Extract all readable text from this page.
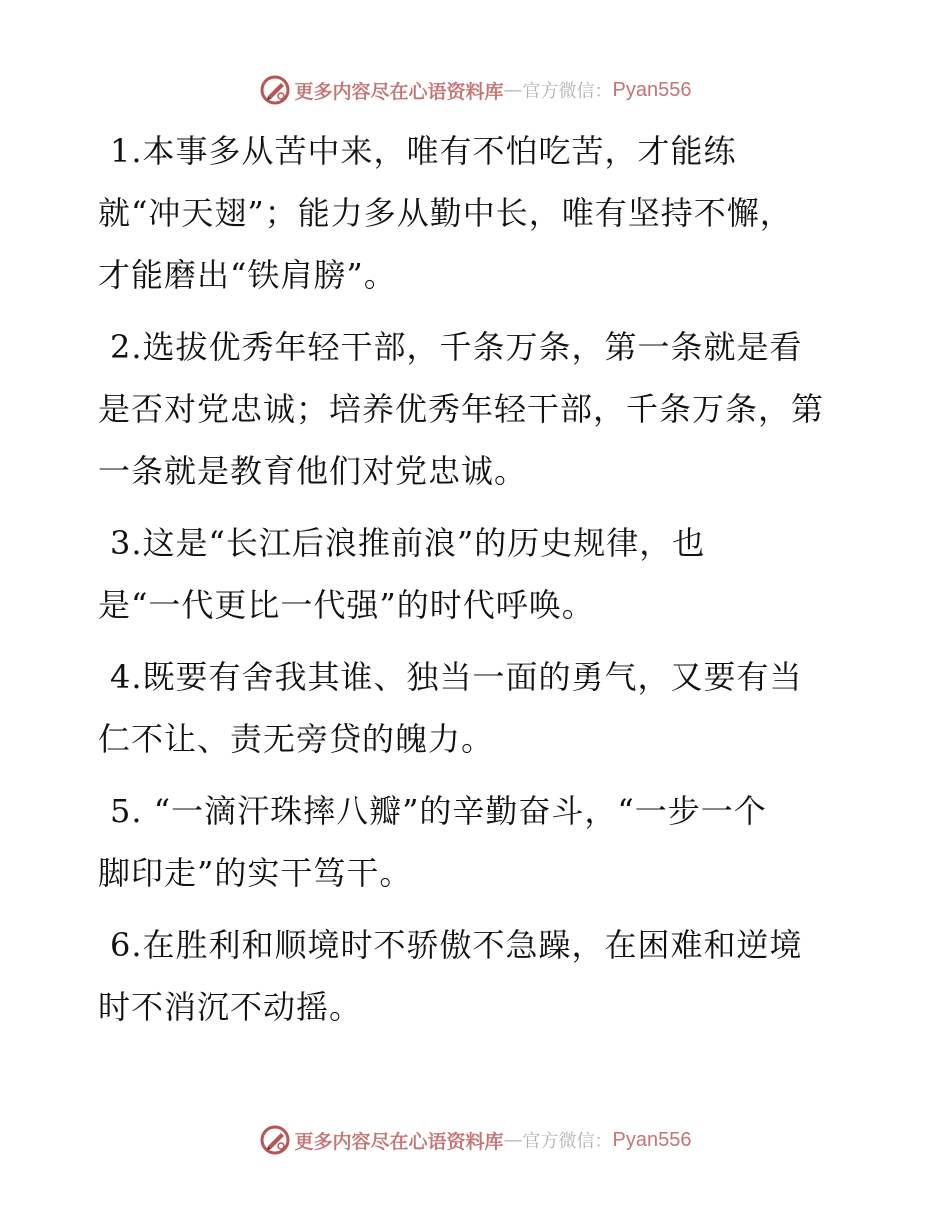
更多内容尽在心语资料库 — 官方微信： Pyan556

1.本事多从苦中来，唯有不怕吃苦，才能练
就“冲天翅”；能力多从勤中长，唯有坚持不懈，
才能磨出“铁肩膀”。

2.选拔优秀年轻干部，千条万条，第一条就是看
是否对党忠诚；培养优秀年轻干部，千条万条，第
一条就是教育他们对党忠诚。

3.这是“长江后浪推前浪”的历史规律，也
是“一代更比一代强”的时代呼唤。

4.既要有舍我其谁、独当一面的勇气，又要有当
仁不让、责无旁贷的魄力。

5. “一滴汗珠摔八瓣”的辛勤奋斗，“一步一个
脚印走”的实干笃干。

6.在胜利和顺境时不骄傲不急躁，在困难和逆境
时不消沉不动摇。

更多内容尽在心语资料库 — 官方微信： Pyan556
